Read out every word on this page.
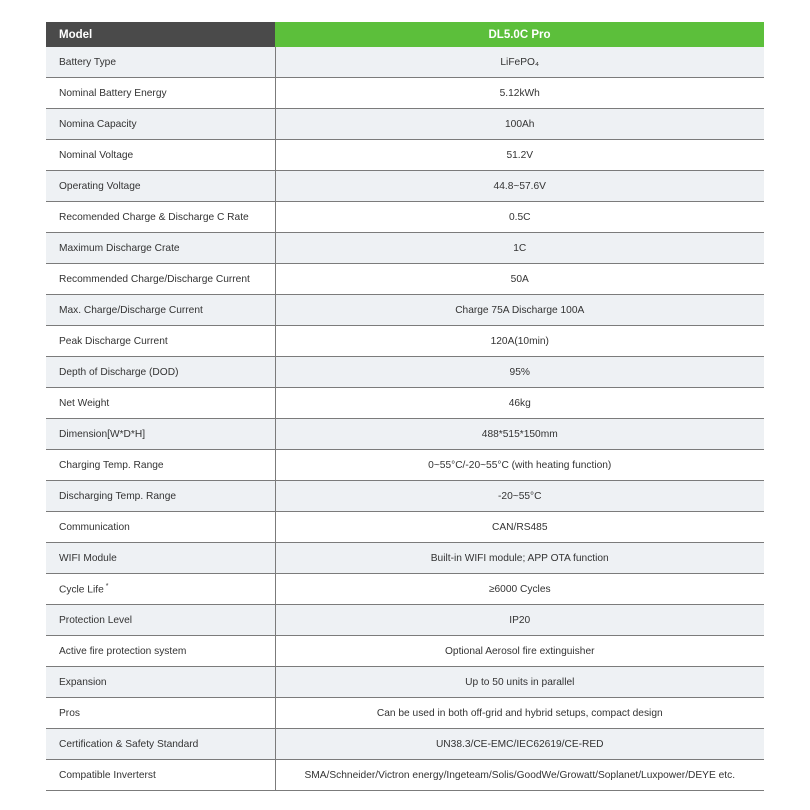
Model	DL5.0C Pro
Battery Type	LiFePO₄
Nominal Battery Energy	5.12kWh
Nomina Capacity	100Ah
Nominal Voltage	51.2V
Operating Voltage	44.8~57.6V
Recomended Charge & Discharge C Rate	0.5C
Maximum Discharge Crate	1C
Recommended Charge/Discharge Current	50A
Max. Charge/Discharge Current	Charge 75A Discharge 100A
Peak Discharge Current	120A(10min)
Depth of Discharge (DOD)	95%
Net Weight	46kg
Dimension[W*D*H]	488*515*150mm
Charging Temp. Range	0~55°C/-20~55°C (with heating function)
Discharging Temp. Range	-20~55°C
Communication	CAN/RS485
WIFI Module	Built-in WIFI module; APP OTA function
Cycle Life *	≥6000 Cycles
Protection Level	IP20
Active fire protection system	Optional Aerosol fire extinguisher
Expansion	Up to 50 units in parallel
Pros	Can be used in both off-grid and hybrid setups, compact design
Certification & Safety Standard	UN38.3/CE-EMC/IEC62619/CE-RED
Compatible Inverterst	SMA/Schneider/Victron energy/Ingeteam/Solis/GoodWe/Growatt/Soplanet/Luxpower/DEYE etc.
